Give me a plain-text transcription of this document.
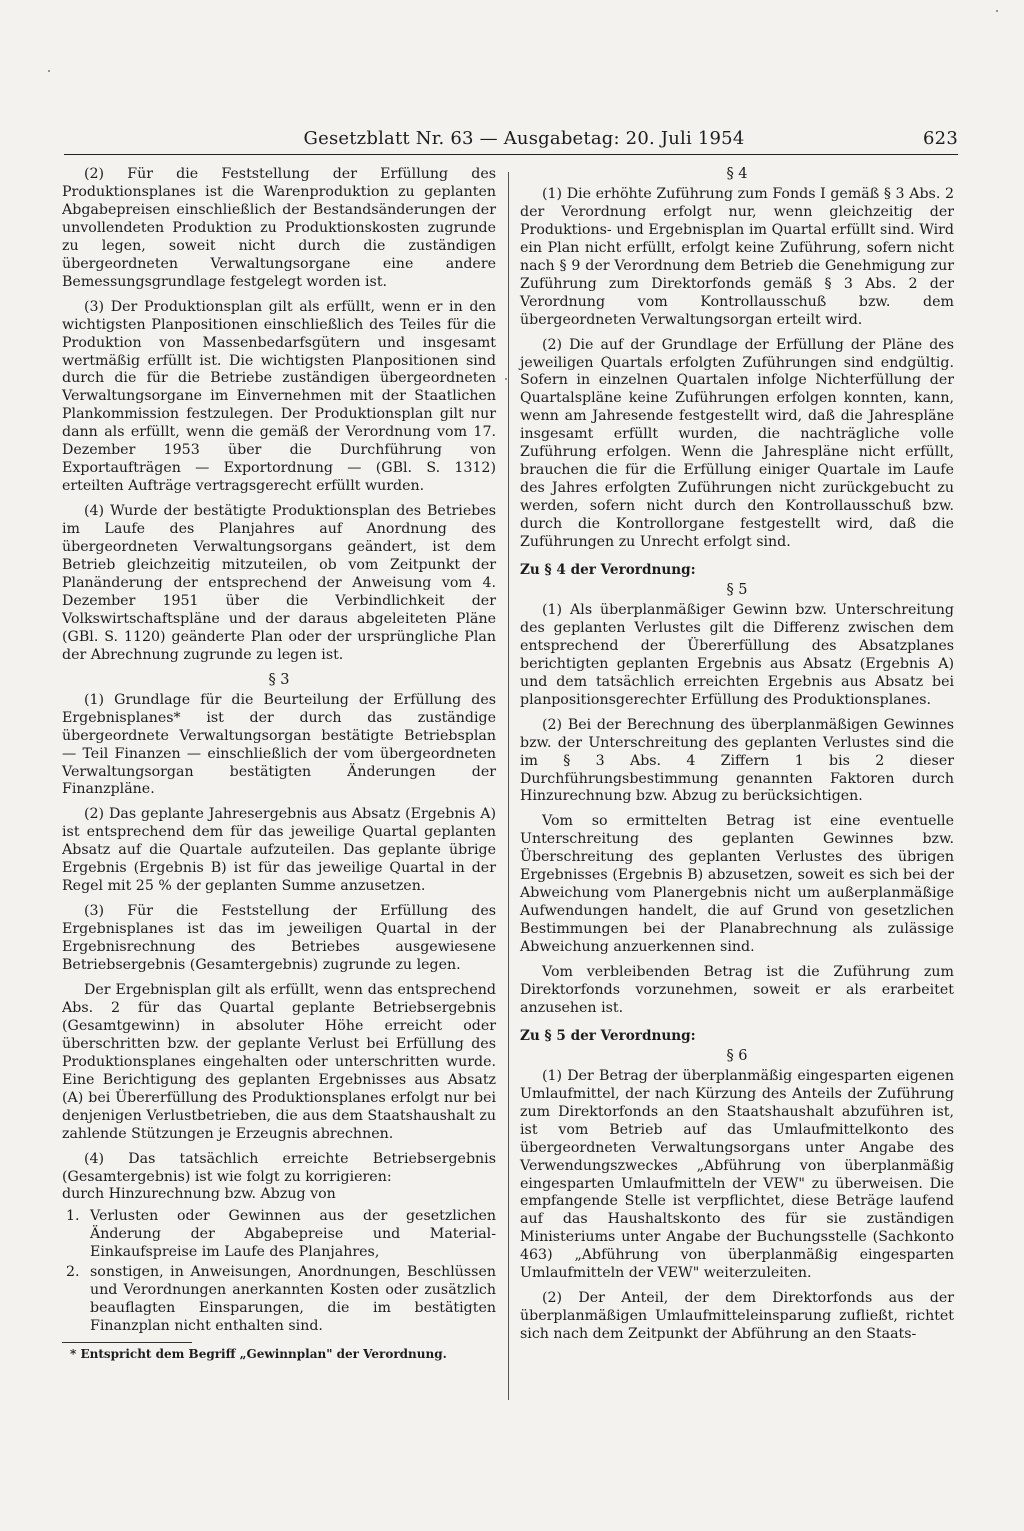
Gesetzblatt Nr. 63 — Ausgabetag: 20. Juli 1954	623

(2) Für die Feststellung der Erfüllung des Produktionsplanes ist die Warenproduktion zu geplanten Abgabepreisen einschließlich der Bestandsänderungen der unvollendeten Produktion zu Produktionskosten zugrunde zu legen, soweit nicht durch die zuständigen übergeordneten Verwaltungsorgane eine andere Bemessungsgrundlage festgelegt worden ist.

(3) Der Produktionsplan gilt als erfüllt, wenn er in den wichtigsten Planpositionen einschließlich des Teiles für die Produktion von Massenbedarfsgütern und insgesamt wertmäßig erfüllt ist. Die wichtigsten Planpositionen sind durch die für die Betriebe zuständigen übergeordneten Verwaltungsorgane im Einvernehmen mit der Staatlichen Plankommission festzulegen. Der Produktionsplan gilt nur dann als erfüllt, wenn die gemäß der Verordnung vom 17. Dezember 1953 über die Durchführung von Exportaufträgen — Exportordnung — (GBl. S. 1312) erteilten Aufträge vertragsgerecht erfüllt wurden.

(4) Wurde der bestätigte Produktionsplan des Betriebes im Laufe des Planjahres auf Anordnung des übergeordneten Verwaltungsorgans geändert, ist dem Betrieb gleichzeitig mitzuteilen, ob vom Zeitpunkt der Planänderung der entsprechend der Anweisung vom 4. Dezember 1951 über die Verbindlichkeit der Volkswirtschaftspläne und der daraus abgeleiteten Pläne (GBl. S. 1120) geänderte Plan oder der ursprüngliche Plan der Abrechnung zugrunde zu legen ist.

§ 3

(1) Grundlage für die Beurteilung der Erfüllung des Ergebnisplanes* ist der durch das zuständige übergeordnete Verwaltungsorgan bestätigte Betriebsplan — Teil Finanzen — einschließlich der vom übergeordneten Verwaltungsorgan bestätigten Änderungen der Finanzpläne.

(2) Das geplante Jahresergebnis aus Absatz (Ergebnis A) ist entsprechend dem für das jeweilige Quartal geplanten Absatz auf die Quartale aufzuteilen. Das geplante übrige Ergebnis (Ergebnis B) ist für das jeweilige Quartal in der Regel mit 25 % der geplanten Summe anzusetzen.

(3) Für die Feststellung der Erfüllung des Ergebnisplanes ist das im jeweiligen Quartal in der Ergebnisrechnung des Betriebes ausgewiesene Betriebsergebnis (Gesamtergebnis) zugrunde zu legen.

Der Ergebnisplan gilt als erfüllt, wenn das entsprechend Abs. 2 für das Quartal geplante Betriebsergebnis (Gesamtgewinn) in absoluter Höhe erreicht oder überschritten bzw. der geplante Verlust bei Erfüllung des Produktionsplanes eingehalten oder unterschritten wurde. Eine Berichtigung des geplanten Ergebnisses aus Absatz (A) bei Übererfüllung des Produktionsplanes erfolgt nur bei denjenigen Verlustbetrieben, die aus dem Staatshaushalt zu zahlende Stützungen je Erzeugnis abrechnen.

(4) Das tatsächlich erreichte Betriebsergebnis (Gesamtergebnis) ist wie folgt zu korrigieren:

durch Hinzurechnung bzw. Abzug von

1. Verlusten oder Gewinnen aus der gesetzlichen Änderung der Abgabepreise und Material-Einkaufspreise im Laufe des Planjahres,
2. sonstigen, in Anweisungen, Anordnungen, Beschlüssen und Verordnungen anerkannten Kosten oder zusätzlich beauflagten Einsparungen, die im bestätigten Finanzplan nicht enthalten sind.
* Entspricht dem Begriff „Gewinnplan" der Verordnung.
§ 4

(1) Die erhöhte Zuführung zum Fonds I gemäß § 3 Abs. 2 der Verordnung erfolgt nur, wenn gleichzeitig der Produktions- und Ergebnisplan im Quartal erfüllt sind. Wird ein Plan nicht erfüllt, erfolgt keine Zuführung, sofern nicht nach § 9 der Verordnung dem Betrieb die Genehmigung zur Zuführung zum Direktorfonds gemäß § 3 Abs. 2 der Verordnung vom Kontrollausschuß bzw. dem übergeordneten Verwaltungsorgan erteilt wird.

(2) Die auf der Grundlage der Erfüllung der Pläne des jeweiligen Quartals erfolgten Zuführungen sind endgültig. Sofern in einzelnen Quartalen infolge Nichterfüllung der Quartalspläne keine Zuführungen erfolgen konnten, kann, wenn am Jahresende festgestellt wird, daß die Jahrespläne insgesamt erfüllt wurden, die nachträgliche volle Zuführung erfolgen. Wenn die Jahrespläne nicht erfüllt, brauchen die für die Erfüllung einiger Quartale im Laufe des Jahres erfolgten Zuführungen nicht zurückgebucht zu werden, sofern nicht durch den Kontrollausschuß bzw. durch die Kontrollorgane festgestellt wird, daß die Zuführungen zu Unrecht erfolgt sind.

Zu § 4 der Verordnung:
§ 5

(1) Als überplanmäßiger Gewinn bzw. Unterschreitung des geplanten Verlustes gilt die Differenz zwischen dem entsprechend der Übererfüllung des Absatzplanes berichtigten geplanten Ergebnis aus Absatz (Ergebnis A) und dem tatsächlich erreichten Ergebnis aus Absatz bei planpositionsgerechter Erfüllung des Produktionsplanes.

(2) Bei der Berechnung des überplanmäßigen Gewinnes bzw. der Unterschreitung des geplanten Verlustes sind die im § 3 Abs. 4 Ziffern 1 bis 2 dieser Durchführungsbestimmung genannten Faktoren durch Hinzurechnung bzw. Abzug zu berücksichtigen.

Vom so ermittelten Betrag ist eine eventuelle Unterschreitung des geplanten Gewinnes bzw. Überschreitung des geplanten Verlustes des übrigen Ergebnisses (Ergebnis B) abzusetzen, soweit es sich bei der Abweichung vom Planergebnis nicht um außerplanmäßige Aufwendungen handelt, die auf Grund von gesetzlichen Bestimmungen bei der Planabrechnung als zulässige Abweichung anzuerkennen sind.

Vom verbleibenden Betrag ist die Zuführung zum Direktorfonds vorzunehmen, soweit er als erarbeitet anzusehen ist.

Zu § 5 der Verordnung:
§ 6

(1) Der Betrag der überplanmäßig eingesparten eigenen Umlaufmittel, der nach Kürzung des Anteils der Zuführung zum Direktorfonds an den Staatshaushalt abzuführen ist, ist vom Betrieb auf das Umlaufmittelkonto des übergeordneten Verwaltungsorgans unter Angabe des Verwendungszweckes „Abführung von überplanmäßig eingesparten Umlaufmitteln der VEW" zu überweisen. Die empfangende Stelle ist verpflichtet, diese Beträge laufend auf das Haushaltskonto des für sie zuständigen Ministeriums unter Angabe der Buchungsstelle (Sachkonto 463) „Abführung von überplanmäßig eingesparten Umlaufmitteln der VEW" weiterzuleiten.

(2) Der Anteil, der dem Direktorfonds aus der überplanmäßigen Umlaufmitteleinsparung zufließt, richtet sich nach dem Zeitpunkt der Abführung an den Staats-
